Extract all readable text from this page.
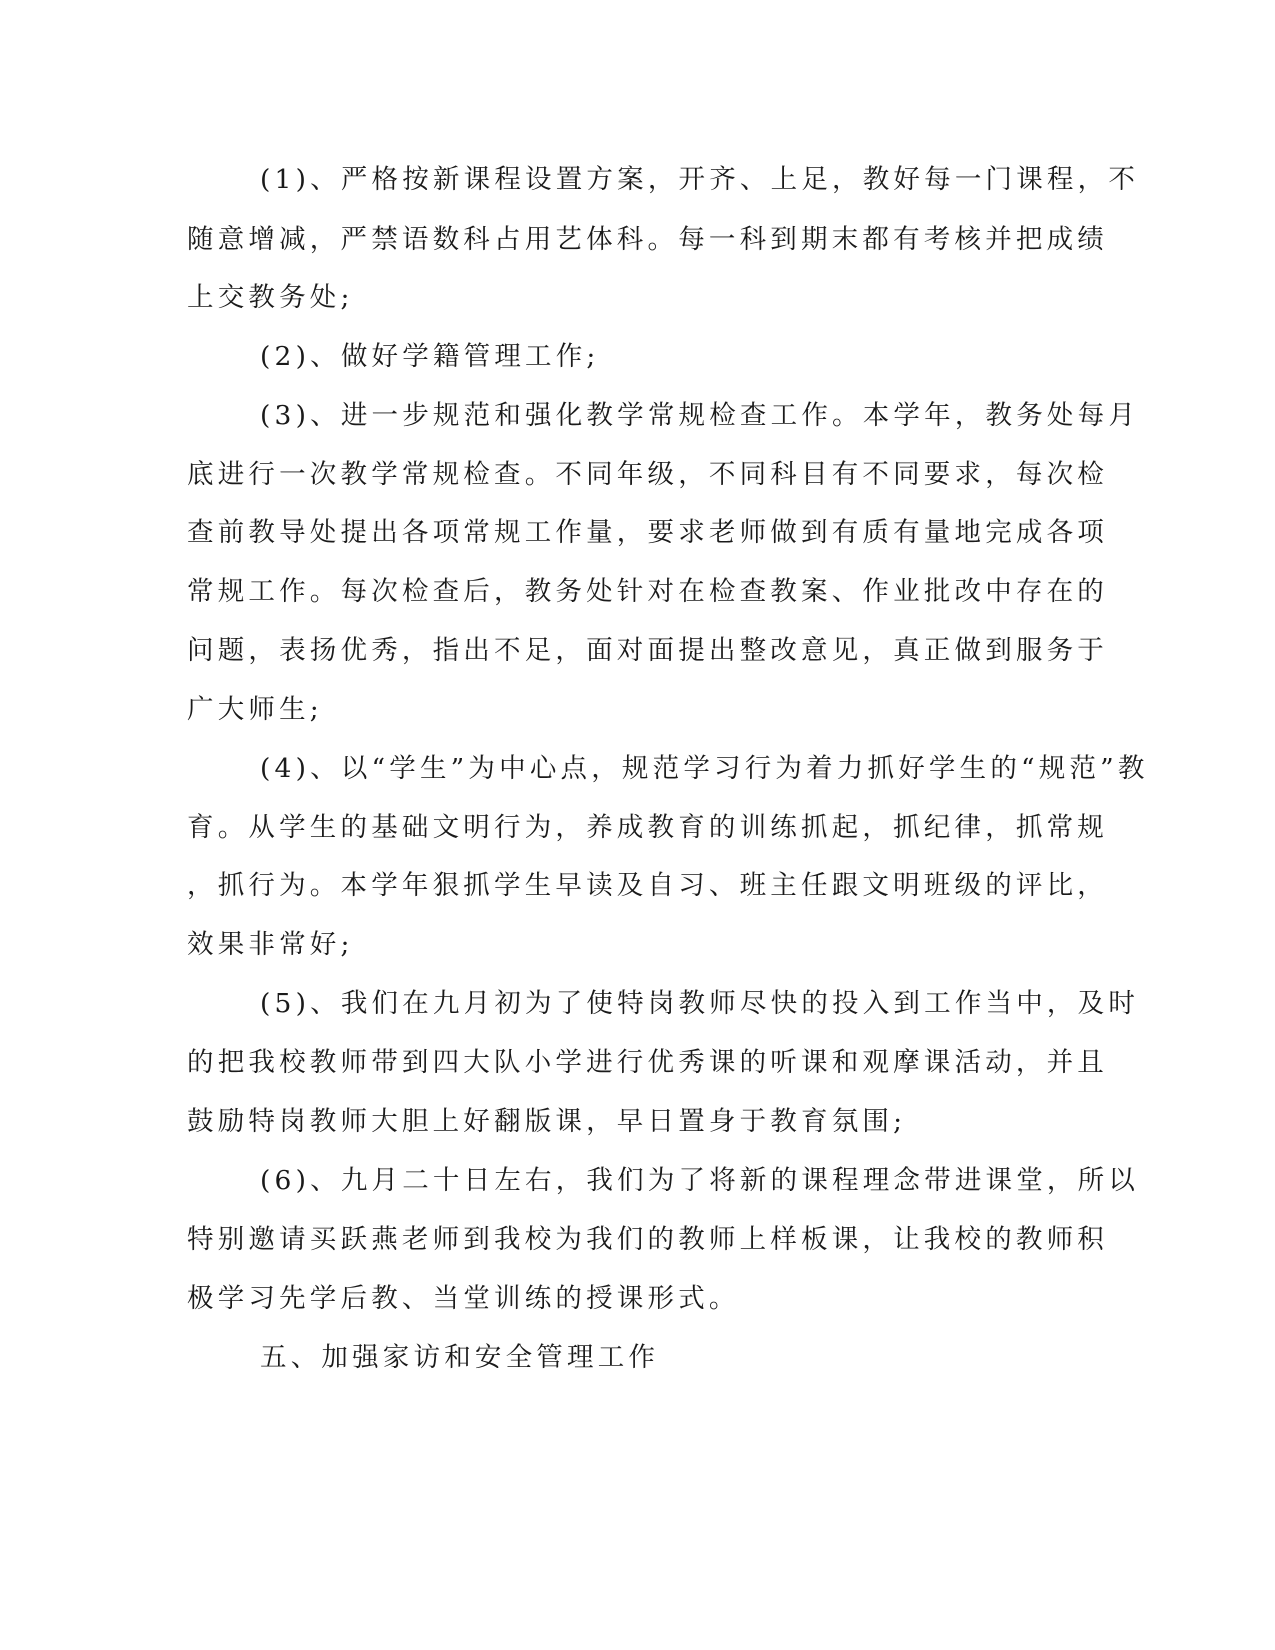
(1)、严格按新课程设置方案，开齐、上足，教好每一门课程，不
随意增减，严禁语数科占用艺体科。每一科到期末都有考核并把成绩
上交教务处;
(2)、做好学籍管理工作;
(3)、进一步规范和强化教学常规检查工作。本学年，教务处每月
底进行一次教学常规检查。不同年级，不同科目有不同要求，每次检
查前教导处提出各项常规工作量，要求老师做到有质有量地完成各项
常规工作。每次检查后，教务处针对在检查教案、作业批改中存在的
问题，表扬优秀，指出不足，面对面提出整改意见，真正做到服务于
广大师生;
(4)、以“学生”为中心点，规范学习行为着力抓好学生的“规范”教
育。从学生的基础文明行为，养成教育的训练抓起，抓纪律，抓常规
，抓行为。本学年狠抓学生早读及自习、班主任跟文明班级的评比，
效果非常好;
(5)、我们在九月初为了使特岗教师尽快的投入到工作当中，及时
的把我校教师带到四大队小学进行优秀课的听课和观摩课活动，并且
鼓励特岗教师大胆上好翻版课，早日置身于教育氛围;
(6)、九月二十日左右，我们为了将新的课程理念带进课堂，所以
特别邀请买跃燕老师到我校为我们的教师上样板课，让我校的教师积
极学习先学后教、当堂训练的授课形式。
五、加强家访和安全管理工作
